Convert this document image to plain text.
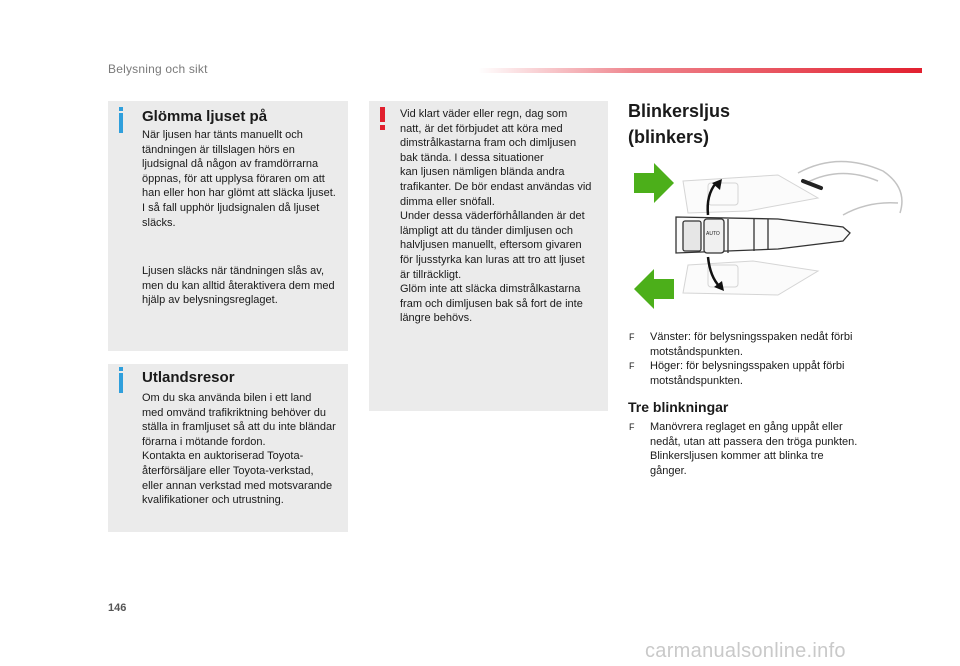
Belysning och sikt
Glömma ljuset på
När ljusen har tänts manuellt och
tändningen är tillslagen hörs en
ljudsignal då någon av framdörrarna
öppnas, för att upplysa föraren om att
han eller hon har glömt att släcka ljuset.
I så fall upphör ljudsignalen då ljuset
släcks.
Ljusen släcks när tändningen slås av,
men du kan alltid återaktivera dem med
hjälp av belysningsreglaget.
Utlandsresor
Om du ska använda bilen i ett land
med omvänd trafikriktning behöver du
ställa in framljuset så att du inte bländar
förarna i mötande fordon.
Kontakta en auktoriserad Toyota-
återförsäljare eller Toyota-verkstad,
eller annan verkstad med motsvarande
kvalifikationer och utrustning.
Vid klart väder eller regn, dag som
natt, är det förbjudet att köra med
dimstrålkastarna fram och dimljusen
bak tända. I dessa situationer
kan ljusen nämligen blända andra
trafikanter. De bör endast användas vid
dimma eller snöfall.
Under dessa väderförhållanden är det
lämpligt att du tänder dimljusen och
halvljusen manuellt, eftersom givaren
för ljusstyrka kan luras att tro att ljuset
är tillräckligt.
Glöm inte att släcka dimstrålkastarna
fram och dimljusen bak så fort de inte
längre behövs.
Blinkersljus
(blinkers)
AUTO
F Vänster: för belysningsspaken nedåt förbi
motståndspunkten.
F Höger: för belysningsspaken uppåt förbi
motståndspunkten.
Tre blinkningar
F Manövrera reglaget en gång uppåt eller
nedåt, utan att passera den tröga punkten.
Blinkersljusen kommer att blinka tre
gånger.
146
carmanualsonline.info
